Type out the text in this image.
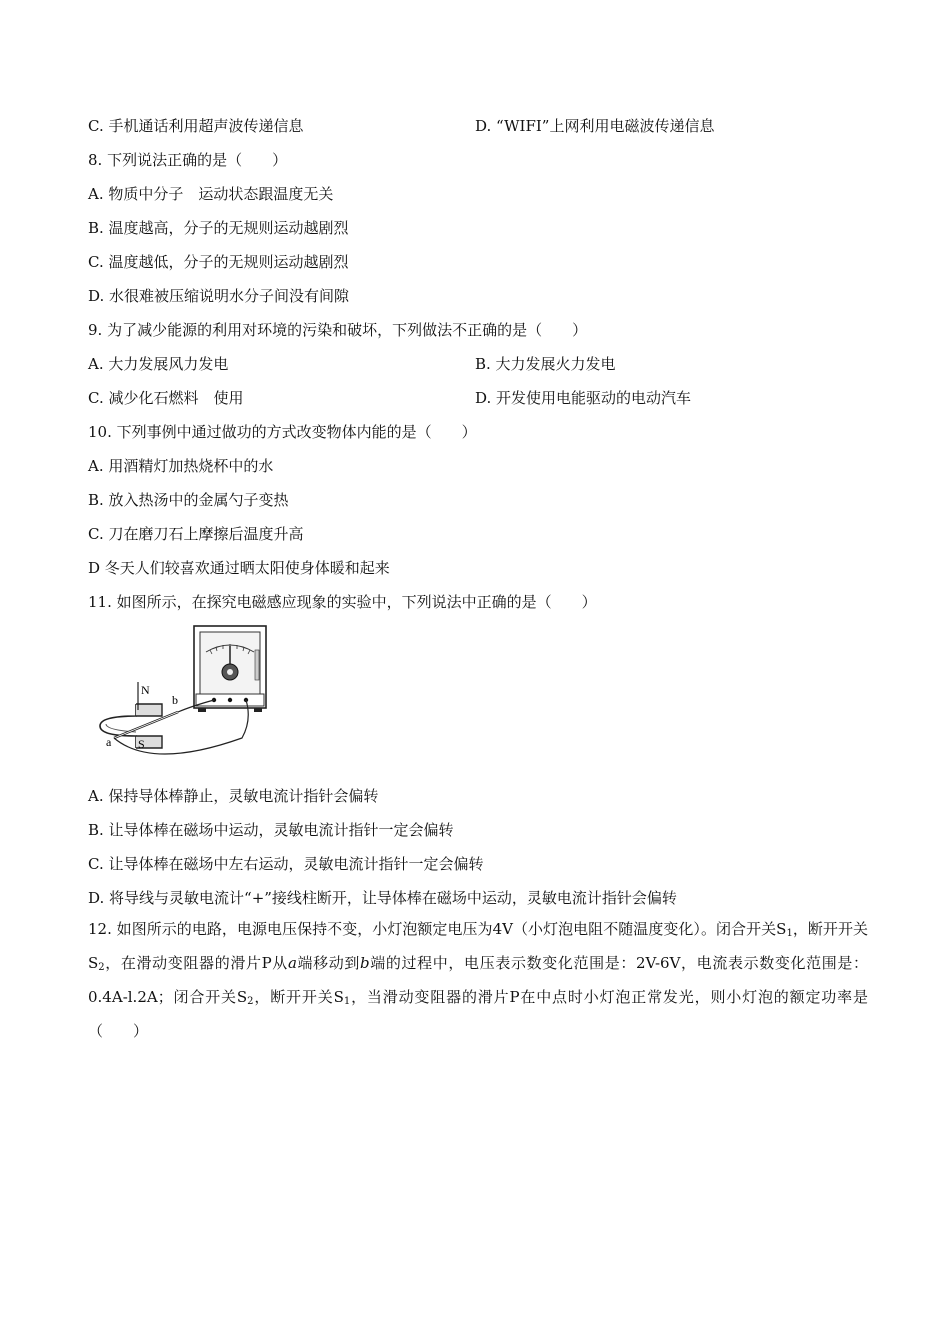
C. 手机通话利用超声波传递信息	D. “WIFI”上网利用电磁波传递信息
8. 下列说法正确的是（　　）
A. 物质中分子　运动状态跟温度无关
B. 温度越高，分子的无规则运动越剧烈
C. 温度越低，分子的无规则运动越剧烈
D. 水很难被压缩说明水分子间没有间隙
9. 为了减少能源的利用对环境的污染和破坏，下列做法不正确的是（　　）
A. 大力发展风力发电	B. 大力发展火力发电
C. 减少化石燃料　使用	D. 开发使用电能驱动的电动汽车
10. 下列事例中通过做功的方式改变物体内能的是（　　）
A. 用酒精灯加热烧杯中的水
B. 放入热汤中的金属勺子变热
C. 刀在磨刀石上摩擦后温度升高
D 冬天人们较喜欢通过晒太阳使身体暖和起来
11. 如图所示，在探究电磁感应现象的实验中，下列说法中正确的是（　　）
N
b
a S
A. 保持导体棒静止，灵敏电流计指针会偏转
B. 让导体棒在磁场中运动，灵敏电流计指针一定会偏转
C. 让导体棒在磁场中左右运动，灵敏电流计指针一定会偏转
D. 将导线与灵敏电流计“+”接线柱断开，让导体棒在磁场中运动，灵敏电流计指针会偏转
12. 如图所示的电路，电源电压保持不变，小灯泡额定电压为4V（小灯泡电阻不随温度变化）。闭合开关$S_1$，断开开关$S_2$，在滑动变阻器的滑片P从a端移动到b端的过程中，电压表示数变化范围是：2V-6V，电流表示数变化范围是：0.4A-l.2A；闭合开关$S_2$，断开开关$S_1$，当滑动变阻器的滑片P在中点时小灯泡正常发光，则小灯泡的额定功率是（　　）
